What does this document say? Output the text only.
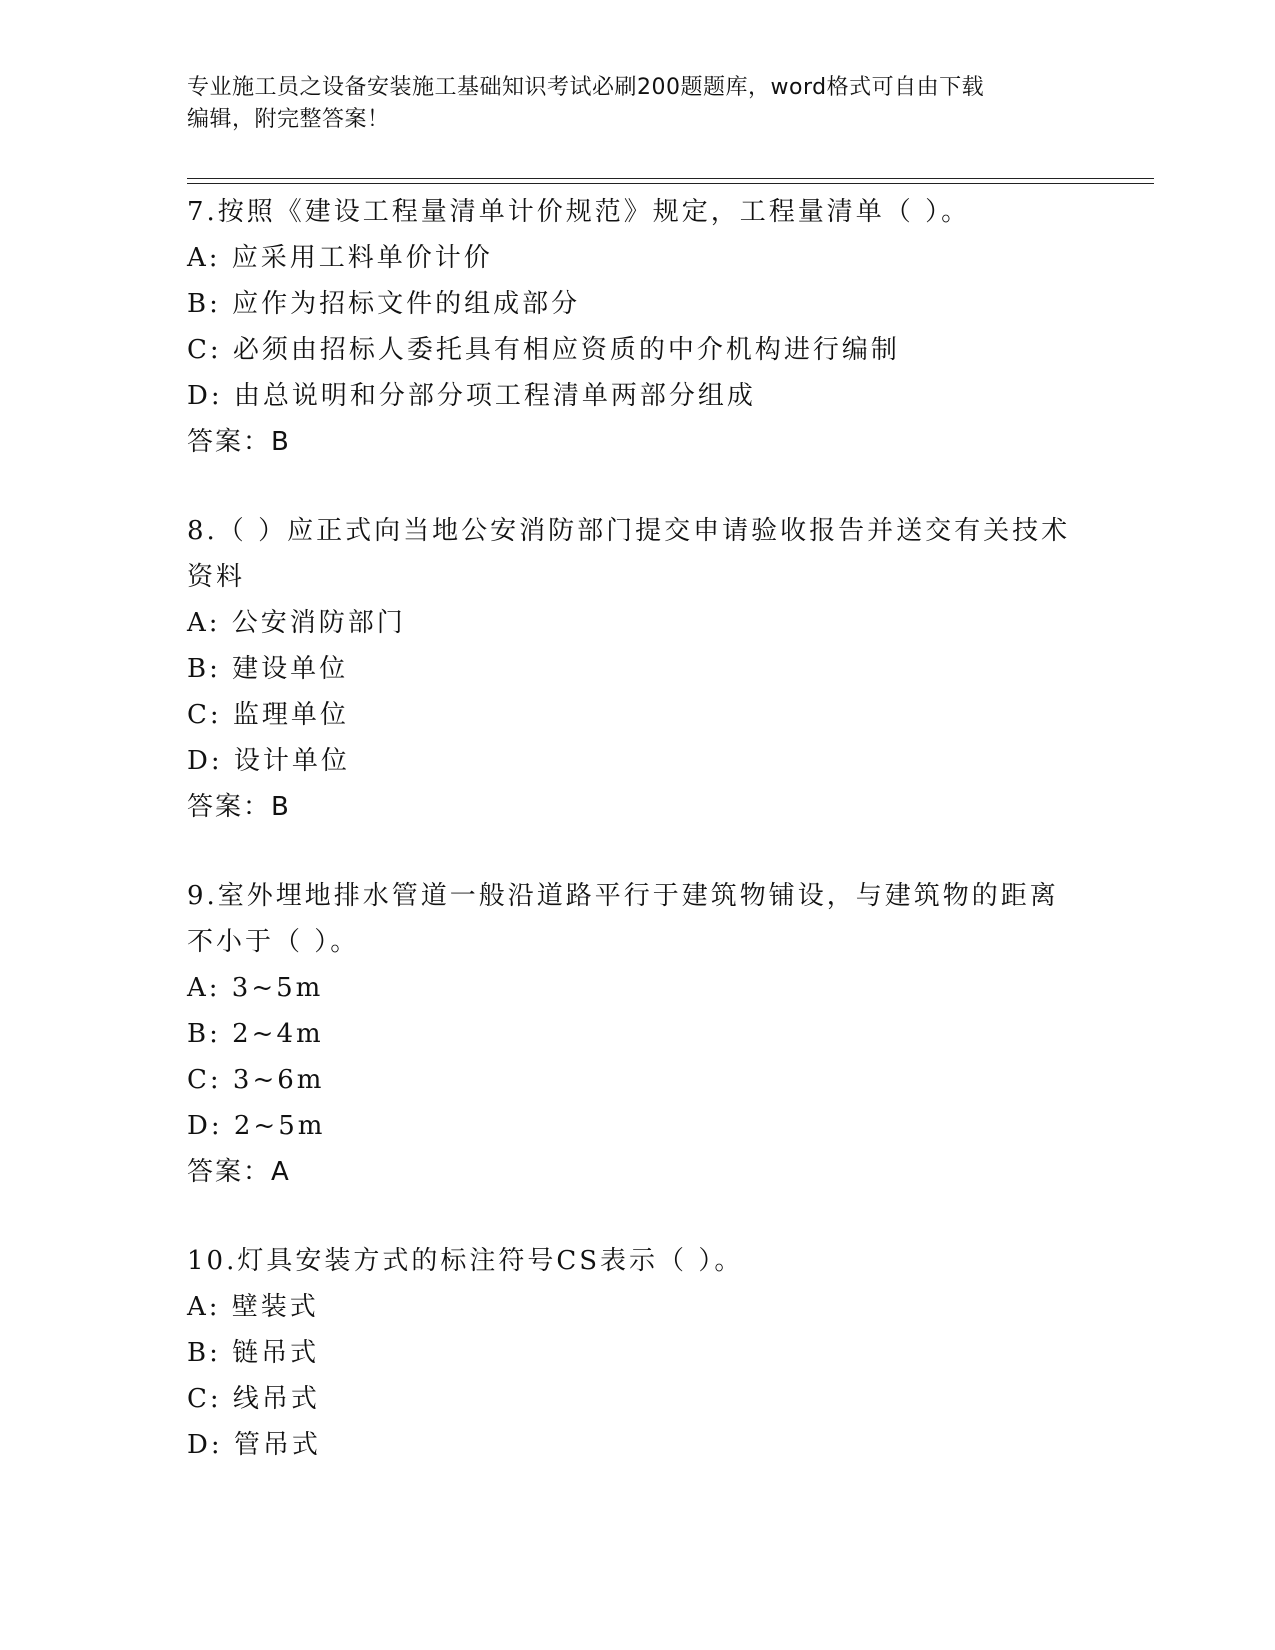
专业施工员之设备安装施工基础知识考试必刷200题题库，word格式可自由下载
编辑，附完整答案！
7.按照《建设工程量清单计价规范》规定，工程量清单（ ）。
A: 应采用工料单价计价
B: 应作为招标文件的组成部分
C: 必须由招标人委托具有相应资质的中介机构进行编制
D: 由总说明和分部分项工程清单两部分组成
答案：B
8.（ ）应正式向当地公安消防部门提交申请验收报告并送交有关技术
资料
A: 公安消防部门
B: 建设单位
C: 监理单位
D: 设计单位
答案：B
9.室外埋地排水管道一般沿道路平行于建筑物铺设，与建筑物的距离
不小于（ ）。
A: 3~5m
B: 2~4m
C: 3~6m
D: 2~5m
答案：A
10.灯具安装方式的标注符号CS表示（ ）。
A: 壁装式
B: 链吊式
C: 线吊式
D: 管吊式
